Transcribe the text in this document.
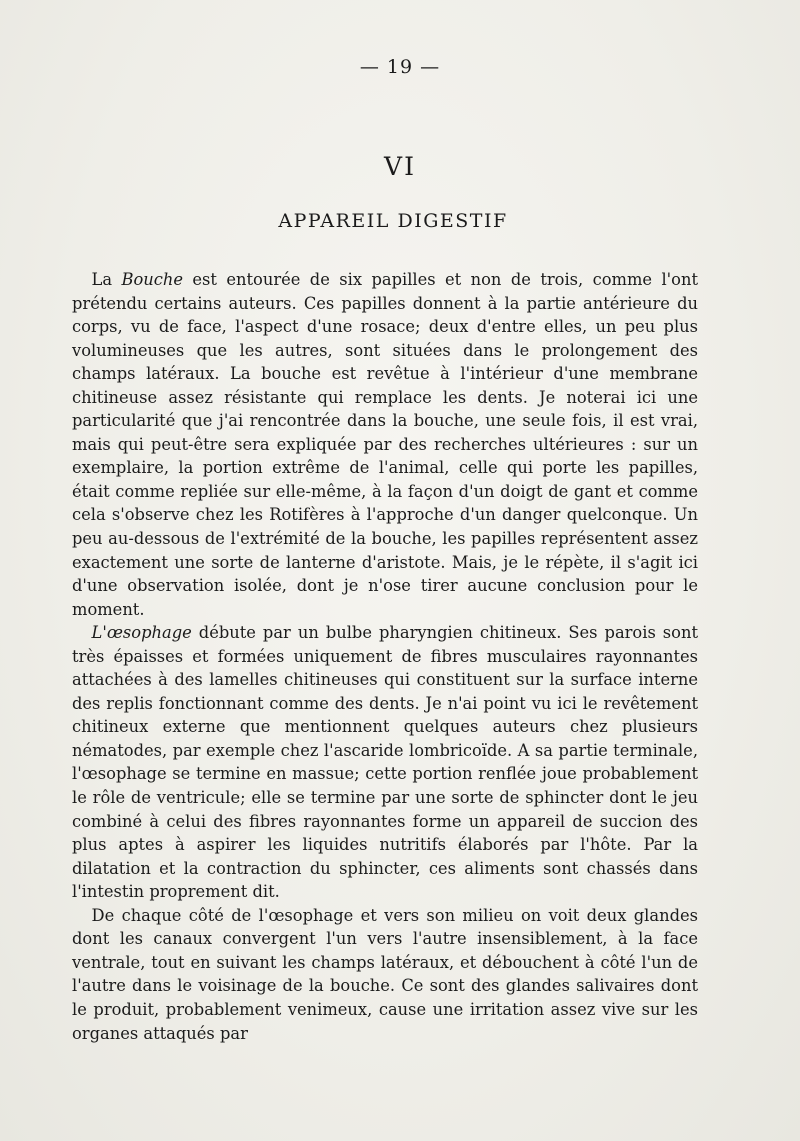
— 19 —
VI
APPAREIL DIGESTIF

La Bouche est entourée de six papilles et non de trois, comme l'ont prétendu certains auteurs. Ces papilles donnent à la partie antérieure du corps, vu de face, l'aspect d'une rosace; deux d'entre elles, un peu plus volumineuses que les autres, sont situées dans le prolongement des champs latéraux. La bouche est revêtue à l'intérieur d'une membrane chitineuse assez résistante qui remplace les dents. Je noterai ici une particularité que j'ai rencontrée dans la bouche, une seule fois, il est vrai, mais qui peut-être sera expliquée par des recherches ultérieures : sur un exemplaire, la portion extrême de l'animal, celle qui porte les papilles, était comme repliée sur elle-même, à la façon d'un doigt de gant et comme cela s'observe chez les Rotifères à l'approche d'un danger quelconque. Un peu au-dessous de l'extrémité de la bouche, les papilles représentent assez exactement une sorte de lanterne d'aristote. Mais, je le répète, il s'agit ici d'une observation isolée, dont je n'ose tirer aucune conclusion pour le moment.

L'œsophage débute par un bulbe pharyngien chitineux. Ses parois sont très épaisses et formées uniquement de fibres musculaires rayonnantes attachées à des lamelles chitineuses qui constituent sur la surface interne des replis fonctionnant comme des dents. Je n'ai point vu ici le revêtement chitineux externe que mentionnent quelques auteurs chez plusieurs nématodes, par exemple chez l'ascaride lombricoïde. A sa partie terminale, l'œsophage se termine en massue; cette portion renflée joue probablement le rôle de ventricule; elle se termine par une sorte de sphincter dont le jeu combiné à celui des fibres rayonnantes forme un appareil de succion des plus aptes à aspirer les liquides nutritifs élaborés par l'hôte. Par la dilatation et la contraction du sphincter, ces aliments sont chassés dans l'intestin proprement dit.

De chaque côté de l'œsophage et vers son milieu on voit deux glandes dont les canaux convergent l'un vers l'autre insensiblement, à la face ventrale, tout en suivant les champs latéraux, et débouchent à côté l'un de l'autre dans le voisinage de la bouche. Ce sont des glandes salivaires dont le produit, probablement venimeux, cause une irritation assez vive sur les organes attaqués par
